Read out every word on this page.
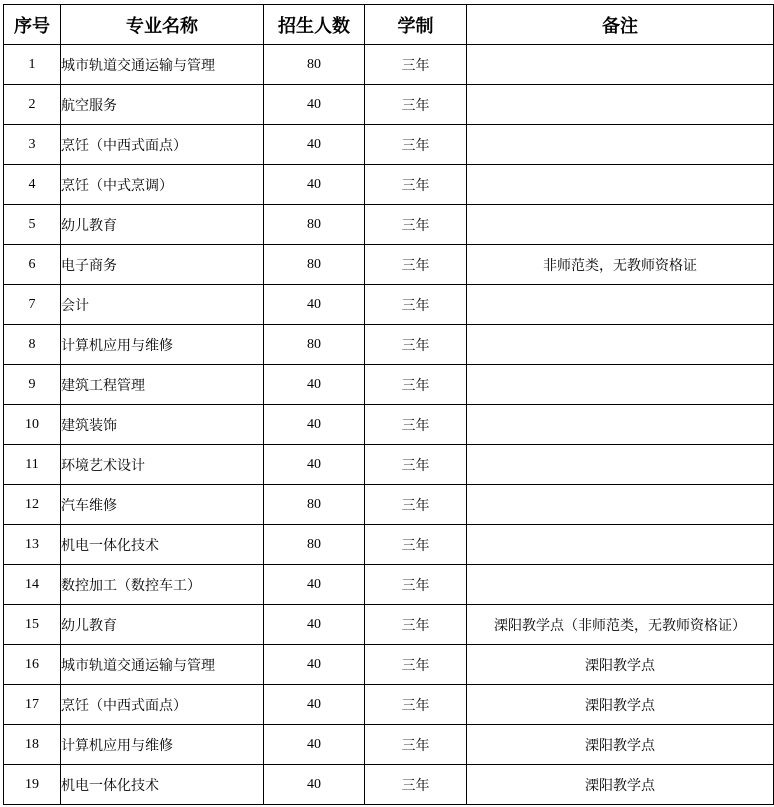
序号	专业名称	招生人数	学制	备注
1	城市轨道交通运输与管理	80	三年	
2	航空服务	40	三年	
3	烹饪（中西式面点）	40	三年	
4	烹饪（中式烹调）	40	三年	
5	幼儿教育	80	三年	
6	电子商务	80	三年	非师范类，无教师资格证
7	会计	40	三年	
8	计算机应用与维修	80	三年	
9	建筑工程管理	40	三年	
10	建筑装饰	40	三年	
11	环境艺术设计	40	三年	
12	汽车维修	80	三年	
13	机电一体化技术	80	三年	
14	数控加工（数控车工）	40	三年	
15	幼儿教育	40	三年	溧阳教学点（非师范类，无教师资格证）
16	城市轨道交通运输与管理	40	三年	溧阳教学点
17	烹饪（中西式面点）	40	三年	溧阳教学点
18	计算机应用与维修	40	三年	溧阳教学点
19	机电一体化技术	40	三年	溧阳教学点
